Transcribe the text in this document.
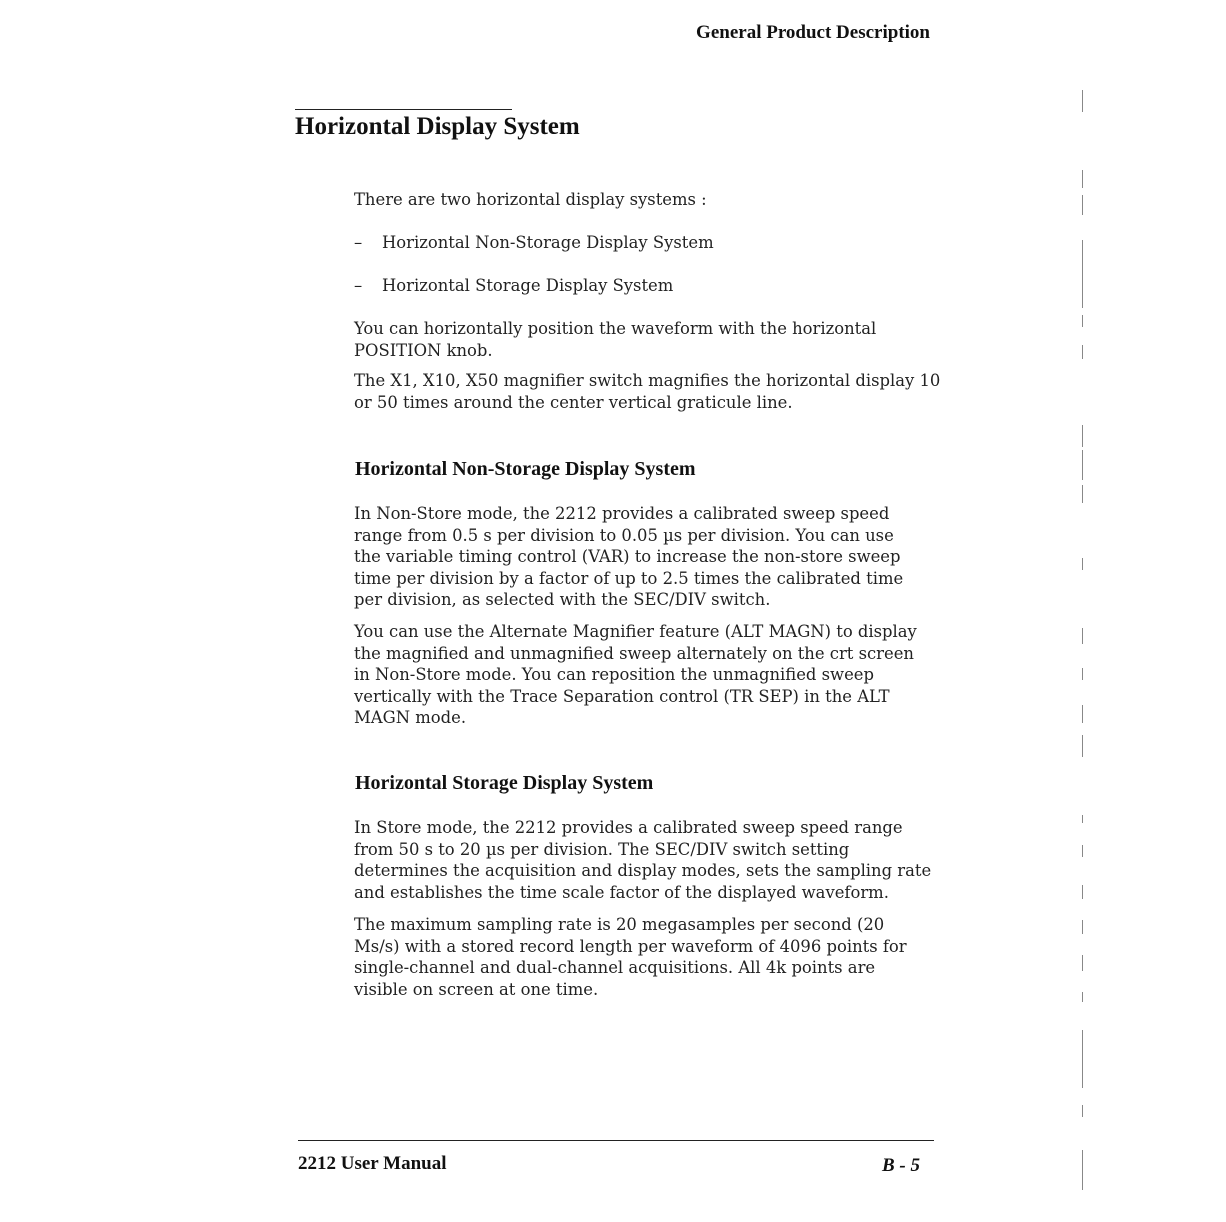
General Product Description
Horizontal Display System

There are two horizontal display systems :

– Horizontal Non-Storage Display System
– Horizontal Storage Display System

You can horizontally position the waveform with the horizontal POSITION knob.

The X1, X10, X50 magnifier switch magnifies the horizontal display 10 or 50 times around the center vertical graticule line.

Horizontal Non-Storage Display System

In Non-Store mode, the 2212 provides a calibrated sweep speed range from 0.5 s per division to 0.05 µs per division. You can use the variable timing control (VAR) to increase the non-store sweep time per division by a factor of up to 2.5 times the calibrated time per division, as selected with the SEC/DIV switch.

You can use the Alternate Magnifier feature (ALT MAGN) to display the magnified and unmagnified sweep alternately on the crt screen in Non-Store mode. You can reposition the unmagnified sweep vertically with the Trace Separation control (TR SEP) in the ALT MAGN mode.

Horizontal Storage Display System

In Store mode, the 2212 provides a calibrated sweep speed range from 50 s to 20 µs per division. The SEC/DIV switch setting determines the acquisition and display modes, sets the sampling rate and establishes the time scale factor of the displayed waveform.

The maximum sampling rate is 20 megasamples per second (20 Ms/s) with a stored record length per waveform of 4096 points for single-channel and dual-channel acquisitions. All 4k points are visible on screen at one time.

2212 User Manual	B - 5
